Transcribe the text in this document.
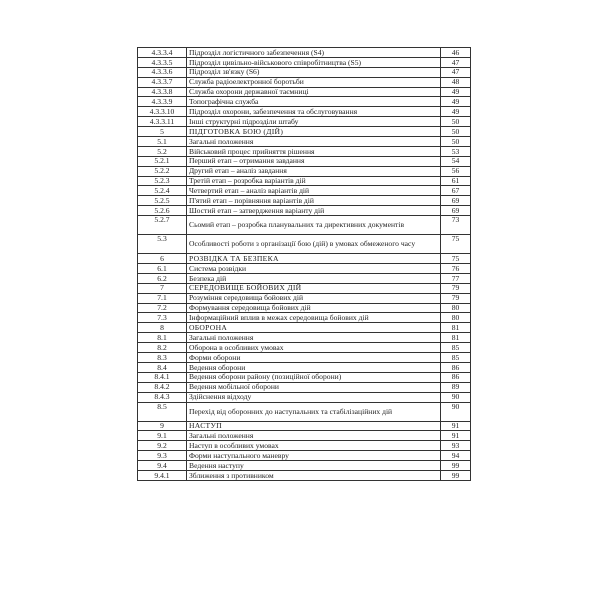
4.3.3.4	Підрозділ логістичного забезпечення (S4)	46
4.3.3.5	Підрозділ цивільно-військового співробітництва (S5)	47
4.3.3.6	Підрозділ зв'язку (S6)	47
4.3.3.7	Служба радіоелектронної боротьби	48
4.3.3.8	Служба охорони державної таємниці	49
4.3.3.9	Топографічна служба	49
4.3.3.10	Підрозділ охорони, забезпечення та обслуговування	49
4.3.3.11	Інші структурні підрозділи штабу	50
5	ПІДГОТОВКА БОЮ (ДІЙ)	50
5.1	Загальні положення	50
5.2	Військовий процес прийняття рішення	53
5.2.1	Перший етап – отримання завдання	54
5.2.2	Другий етап – аналіз завдання	56
5.2.3	Третій етап – розробка варіантів дій	61
5.2.4	Четвертий етап – аналіз варіантів дій	67
5.2.5	П'ятий етап – порівняння варіантів дій	69
5.2.6	Шостий етап – затвердження варіанту дій	69
5.2.7	Сьомий етап – розробка планувальних та директивних документів	73
5.3	Особливості роботи з організації бою (дій) в умовах обмеженого часу	75
6	РОЗВІДКА ТА БЕЗПЕКА	75
6.1	Система розвідки	76
6.2	Безпека дій	77
7	СЕРЕДОВИЩЕ БОЙОВИХ ДІЙ	79
7.1	Розуміння середовища бойових дій	79
7.2	Формування середовища бойових дій	80
7.3	Інформаційний вплив в межах середовища бойових дій	80
8	ОБОРОНА	81
8.1	Загальні положення	81
8.2	Оборона в особливих умовах	85
8.3	Форми оборони	85
8.4	Ведення оборони	86
8.4.1	Ведення оборони району (позиційної оборони)	86
8.4.2	Ведення мобільної оборони	89
8.4.3	Здійснення відходу	90
8.5	Перехід від оборонних до наступальних та стабілізаційних дій	90
9	НАСТУП	91
9.1	Загальні положення	91
9.2	Наступ в особливих умовах	93
9.3	Форми наступального маневру	94
9.4	Ведення наступу	99
9.4.1	Зближення з противником	99
